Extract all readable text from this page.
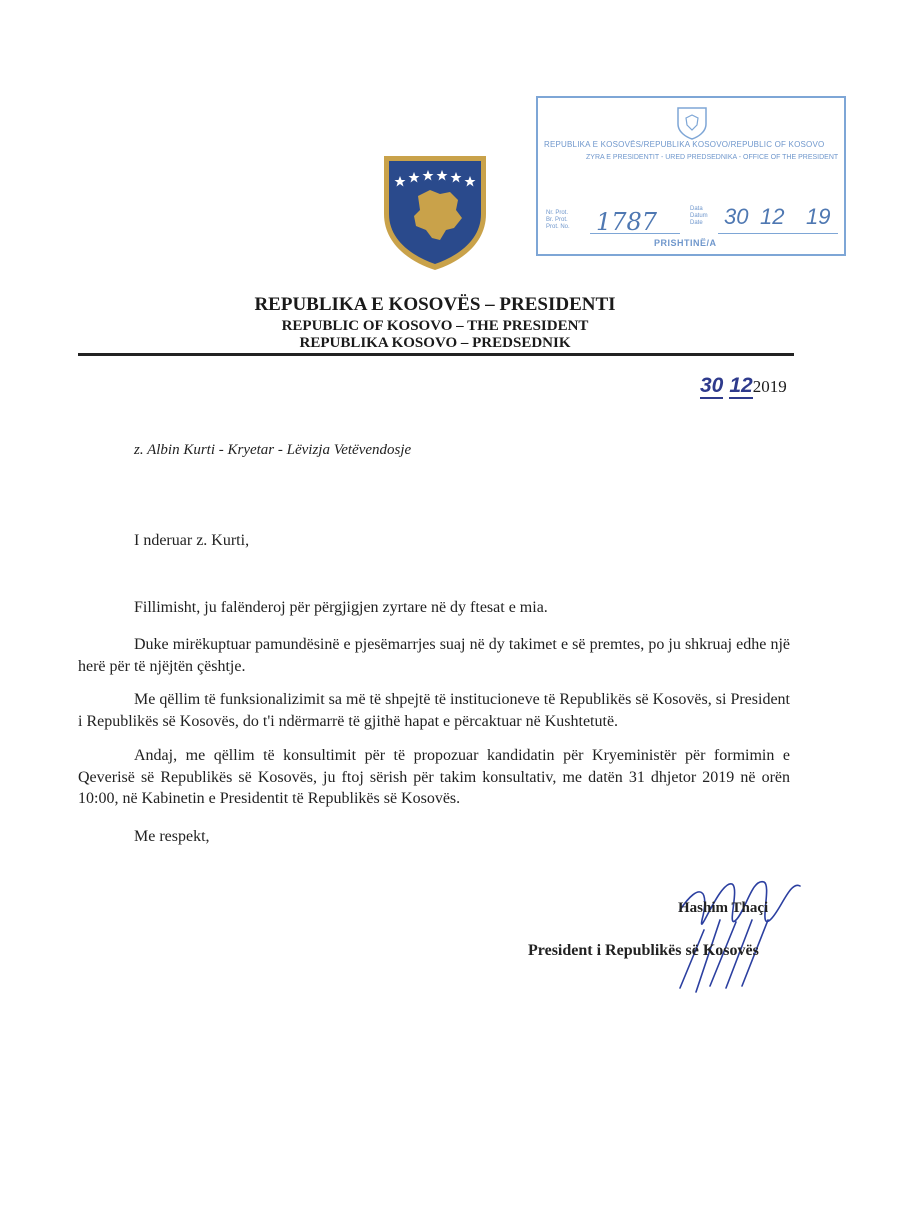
REPUBLIKA E KOSOVËS/REPUBLIKA KOSOVO/REPUBLIC OF KOSOVO
ZYRA E PRESIDENTIT - URED PREDSEDNIKA - OFFICE OF THE PRESIDENT
Nr. Prot.
Br. Prot.
Prot. No. 1787	Data
Datum
Date 30 12 19
PRISHTINË/A
REPUBLIKA E KOSOVËS – PRESIDENTI
REPUBLIC OF KOSOVO – THE PRESIDENT
REPUBLIKA KOSOVO – PREDSEDNIK
30 122019
z. Albin Kurti - Kryetar - Lëvizja Vetëvendosje
I nderuar z. Kurti,
Fillimisht, ju falënderoj për përgjigjen zyrtare në dy ftesat e mia.
Duke mirëkuptuar pamundësinë e pjesëmarrjes suaj në dy takimet e së premtes, po ju shkruaj edhe një herë për të njëjtën çështje.
Me qëllim të funksionalizimit sa më të shpejtë të institucioneve të Republikës së Kosovës, si President i Republikës së Kosovës, do t'i ndërmarrë të gjithë hapat e përcaktuar në Kushtetutë.
Andaj, me qëllim të konsultimit për të propozuar kandidatin për Kryeministër për formimin e Qeverisë së Republikës së Kosovës, ju ftoj sërish për takim konsultativ, me datën 31 dhjetor 2019 në orën 10:00, në Kabinetin e Presidentit të Republikës së Kosovës.
Me respekt,
Hashim Thaçi
President i Republikës së Kosovës
